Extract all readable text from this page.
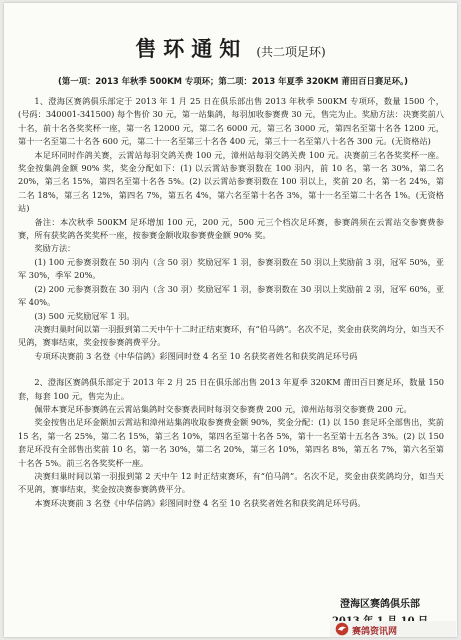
售环通知 (共二项足环)
(第一项：2013 年秋季 500KM 专项环；第二项：2013 年夏季 320KM 莆田百日赛足环。)

1、澄海区赛鸽俱乐部定于 2013 年 1 月 25 日在俱乐部出售 2013 年秋季 500KM 专项环，数量 1500 个，(号码：340001-341500) 每个售价 30 元，第一站集鸽，每羽加收参赛费 30 元，售完为止。奖励方法：决赛奖前八十名，前十名各奖奖杯一座，第一名 12000 元，第二名 6000 元，第三名 3000 元，第四名至第十名各 1200 元，第十一名至第二十名各 600 元，第二十一名至第三十名各 400 元，第三十一名至第八十名各 300 元。(无资格站)

本足环同时作鸽关赛，云霄站每羽交鸽关费 100 元，漳州站每羽交鸽关费 100 元。决赛前三名各奖奖杯一座。奖金按集鸽金额 90% 奖，奖金分配如下：(1) 以云霄站参赛羽数在 100 羽内，前 10 名，第一名 30%，第二名 20%，第三名 15%，第四名至第十名各 5%。(2) 以云霄站参赛羽数在 100 羽以上，奖前 20 名，第一名 24%，第二名 18%，第三名 12%，第四名 7%，第五名 4%，第六名至第十名各 3%，第十一名至第二十名各 1%。(无资格站)

备注：本次秋季 500KM 足环增加 100 元，200 元，500 元三个档次足环赛，参赛鸽须在云霄站交参赛费参赛，所有获奖鸽各奖奖杯一座，按参赛金额收取参赛费金额 90% 奖。

奖励方法：

(1) 100 元参赛羽数在 50 羽内（含 50 羽）奖励冠军 1 羽，参赛羽数在 50 羽以上奖励前 3 羽，冠军 50%，亚军 30%，季军 20%。

(2) 200 元参赛羽数在 30 羽内（含 30 羽）奖励冠军 1 羽，参赛羽数在 30 羽以上奖励前 2 羽，冠军 60%，亚军 40%。

(3) 500 元奖励冠军 1 羽。

决赛归巢时间以第一羽报到第二天中午十二时正结束赛环，有“伯马鸽”。名次不足，奖金由获奖鸽均分，如当天不见鸽，赛事结束，奖金按参赛鸽费平分。

专项环决赛前 3 名登《中华信鸽》彩图同时登 4 名至 10 名获奖者姓名和获奖鸽足环号码

2、澄海区赛鸽俱乐部定于 2013 年 2 月 25 日在俱乐部出售 2013 年夏季 320KM 莆田百日赛足环，数量 150 套，每套 100 元，售完为止。

佩带本赛足环参赛鸽在云霄站集鸽时交参赛表同时每羽交参赛费 200 元，漳州站每羽交参赛费 200 元。

奖金按售出足环金额加云霄站和漳州站集鸽收取参赛费金额 90%，奖金分配：(1) 以 150 套足环全部售出，奖前 15 名，第一名 25%，第二名 15%，第三名 10%，第四名至第十名各 5%，第十一名至第十五名各 3%。(2) 以 150 套足环没有全部售出奖前 10 名，第一名 30%，第二名 20%，第三名 10%，第四名 8%，第五名 7%，第六名至第十名各 5%。前三名各奖奖杯一座。

决赛归巢时间以第一羽报到第 2 天中午 12 时正结束赛环，有“伯马鸽”。名次不足，奖金由获奖鸽均分，如当天不见鸽，赛事结束，奖金按决赛参赛鸽费平分。

本赛环决赛前 3 名登《中华信鸽》彩图同时登 4 名至 10 名获奖者姓名和获奖鸽足环号码。

澄海区赛鸽俱乐部
赛鸽资讯网
